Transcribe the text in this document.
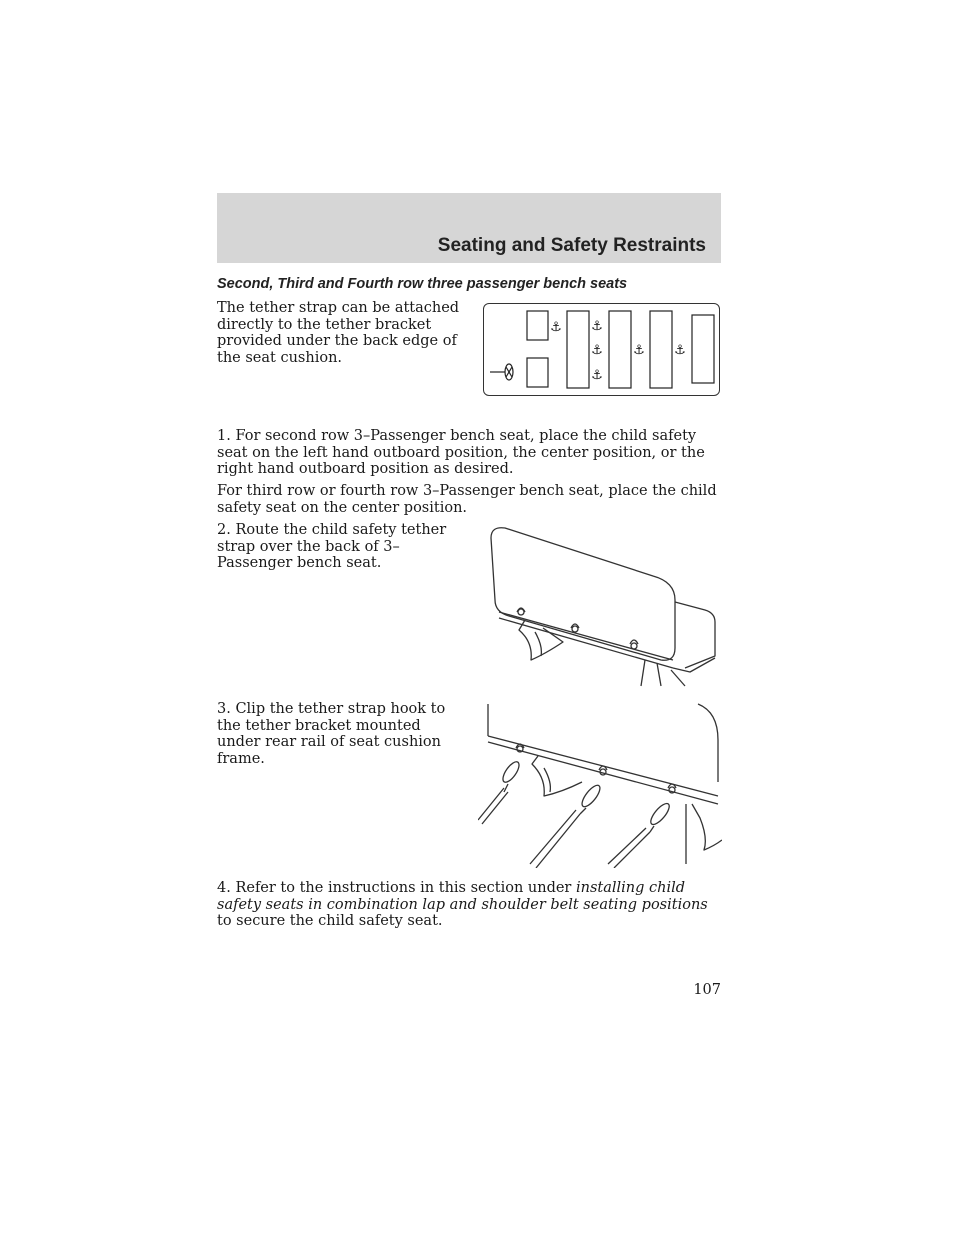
Seating and Safety Restraints
Second, Third and Fourth row three passenger bench seats

The tether strap can be attached directly to the tether bracket provided under the back edge of the seat cushion.

⚓ ⚓
⚓
⚓
⚓ ⚓

1. For second row 3–Passenger bench seat, place the child safety seat on the left hand outboard position, the center position, or the right hand outboard position as desired.

For third row or fourth row 3–Passenger bench seat, place the child safety seat on the center position.

2. Route the child safety tether strap over the back of 3–Passenger bench seat.

3. Clip the tether strap hook to the tether bracket mounted under rear rail of seat cushion frame.

4. Refer to the instructions in this section under installing child safety seats in combination lap and shoulder belt seating positions to secure the child safety seat.

107
